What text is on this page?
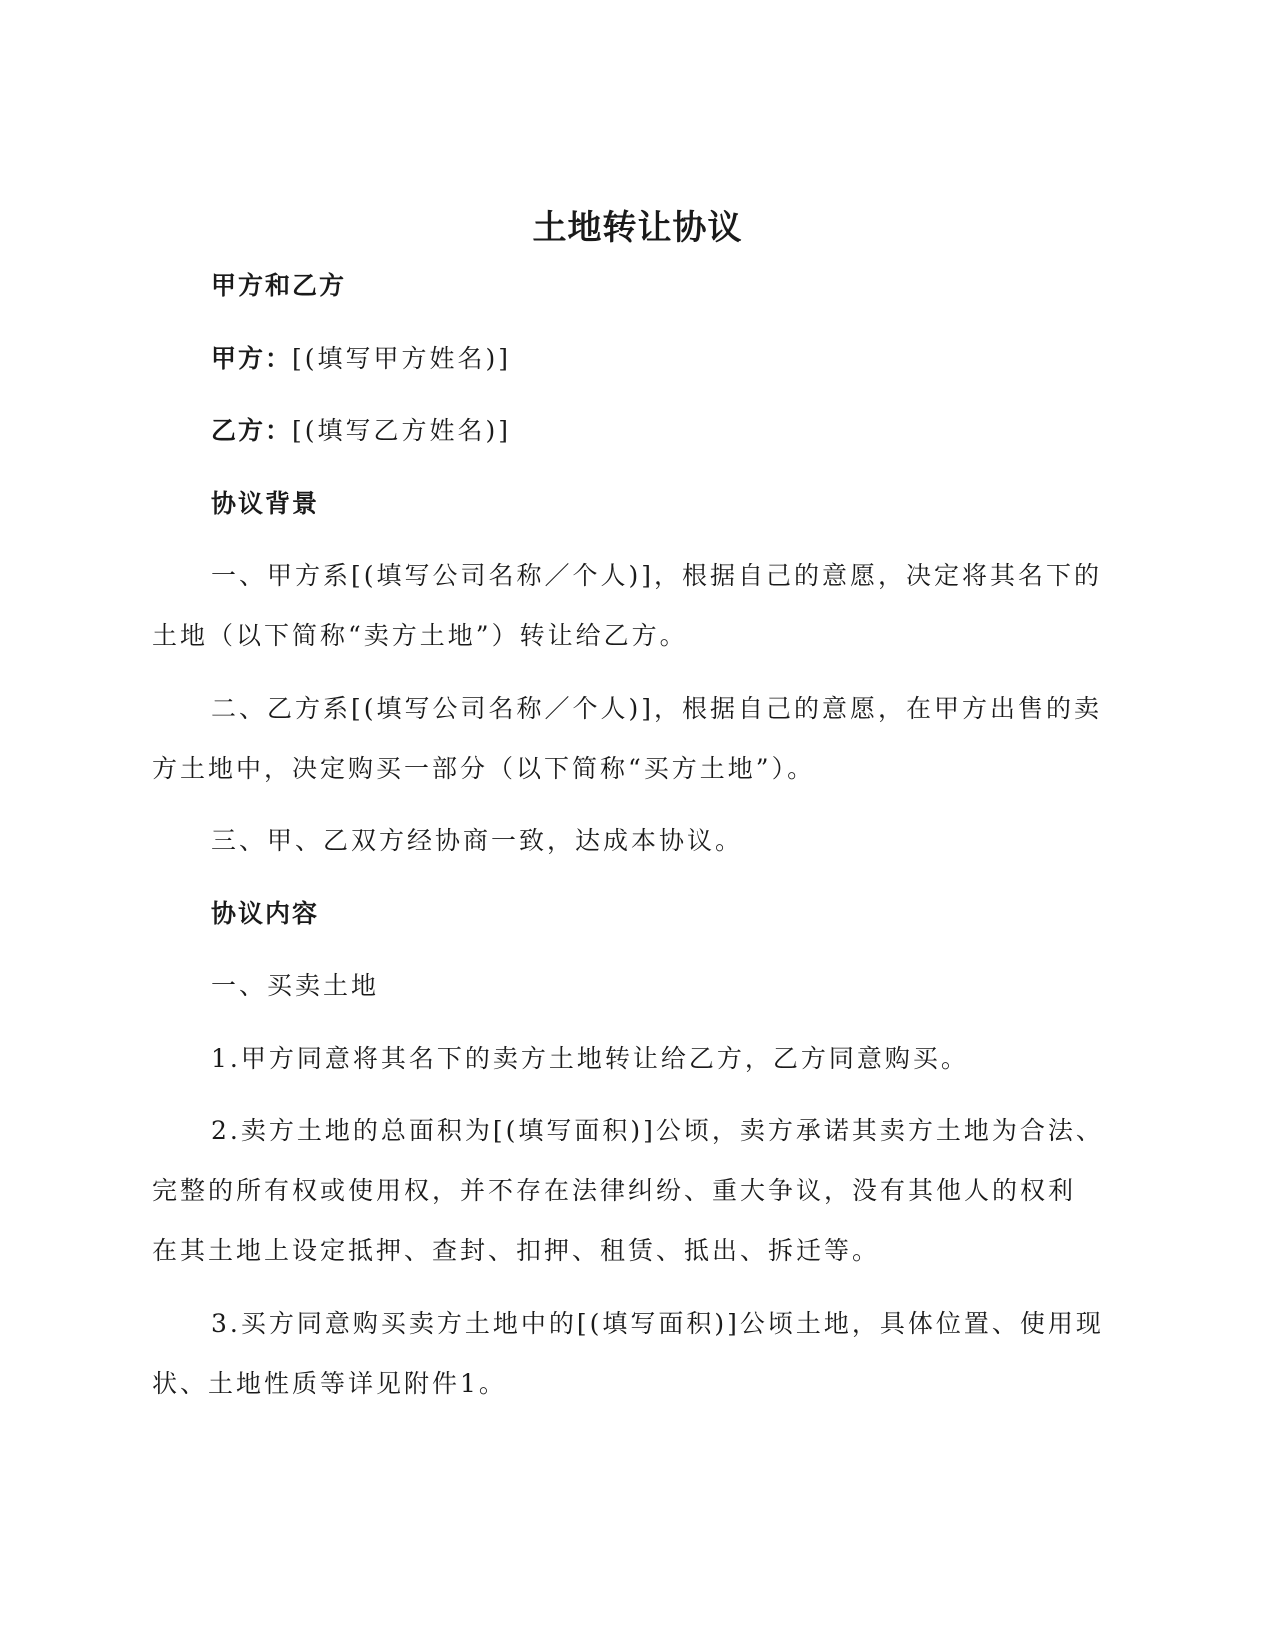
土地转让协议
甲方和乙方
甲方：[(填写甲方姓名)]
乙方：[(填写乙方姓名)]
协议背景
一、甲方系[(填写公司名称／个人)]，根据自己的意愿，决定将其名下的
土地（以下简称“卖方土地”）转让给乙方。
二、乙方系[(填写公司名称／个人)]，根据自己的意愿，在甲方出售的卖
方土地中，决定购买一部分（以下简称“买方土地”）。
三、甲、乙双方经协商一致，达成本协议。
协议内容
一、买卖土地
1.甲方同意将其名下的卖方土地转让给乙方，乙方同意购买。
2.卖方土地的总面积为[(填写面积)]公顷，卖方承诺其卖方土地为合法、
完整的所有权或使用权，并不存在法律纠纷、重大争议，没有其他人的权利
在其土地上设定抵押、查封、扣押、租赁、抵出、拆迁等。
3.买方同意购买卖方土地中的[(填写面积)]公顷土地，具体位置、使用现
状、土地性质等详见附件1。
